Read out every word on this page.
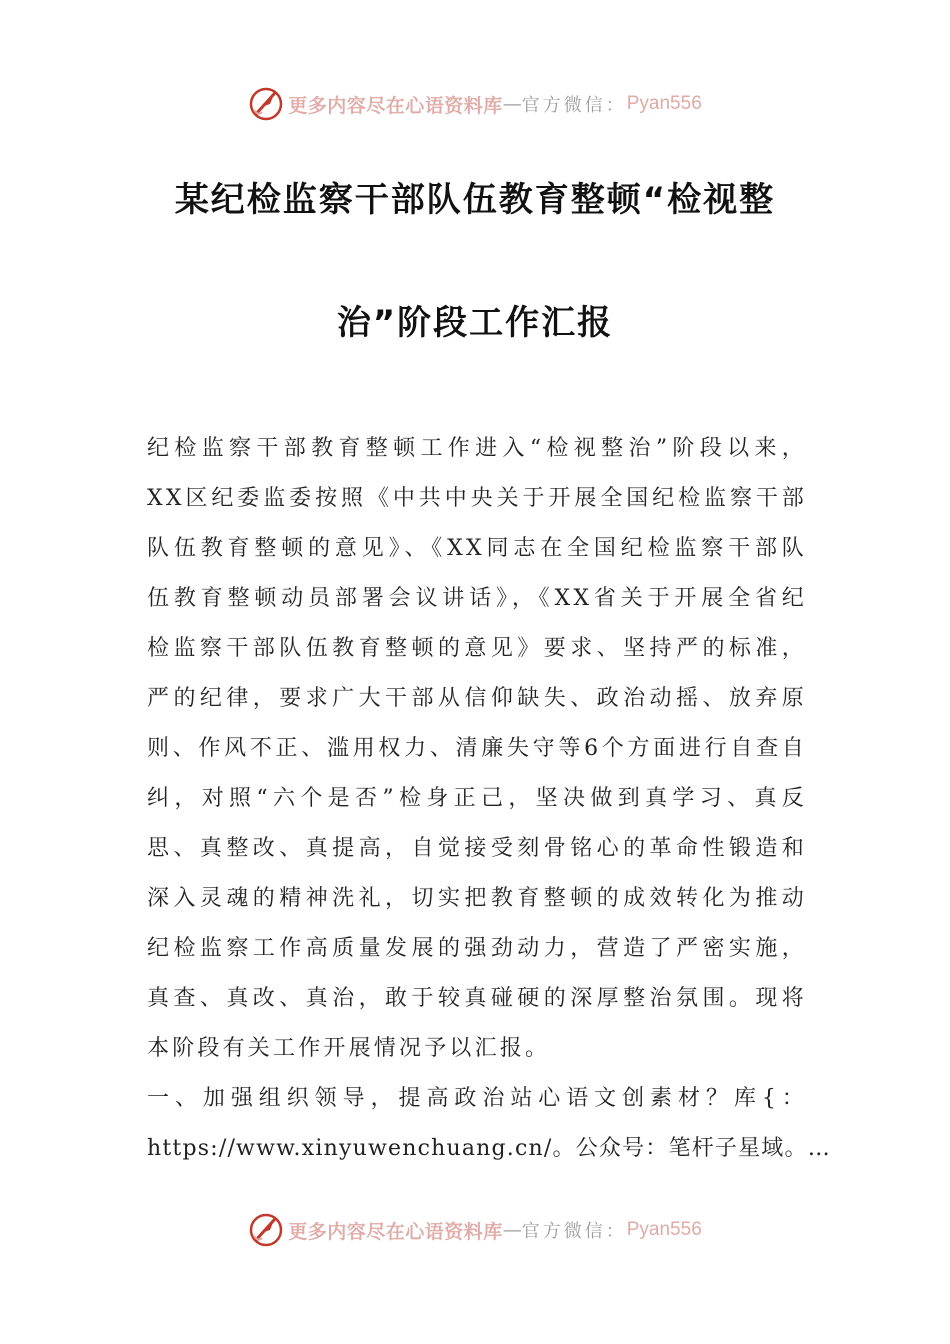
更多内容尽在心语资料库 — 官方微信： Pyan556
某纪检监察干部队伍教育整顿“检视整
治”阶段工作汇报
纪检监察干部教育整顿工作进入“检视整治”阶段以来，
XX区纪委监委按照《中共中央关于开展全国纪检监察干部
队伍教育整顿的意见》、《XX同志在全国纪检监察干部队
伍教育整顿动员部署会议讲话》，《XX省关于开展全省纪
检监察干部队伍教育整顿的意见》要求、坚持严的标准，
严的纪律，要求广大干部从信仰缺失、政治动摇、放弃原
则、作风不正、滥用权力、清廉失守等6个方面进行自查自
纠，对照“六个是否”检身正己，坚决做到真学习、真反
思、真整改、真提高，自觉接受刻骨铭心的革命性锻造和
深入灵魂的精神洗礼，切实把教育整顿的成效转化为推动
纪检监察工作高质量发展的强劲动力，营造了严密实施，
真查、真改、真治，敢于较真碰硬的深厚整治氛围。现将
本阶段有关工作开展情况予以汇报。
一、加强组织领导，提高政治站心语文创素材？库{：
https://www.xinyuwenchuang.cn/。公众号：笔杆子星域。…
更多内容尽在心语资料库 — 官方微信： Pyan556
